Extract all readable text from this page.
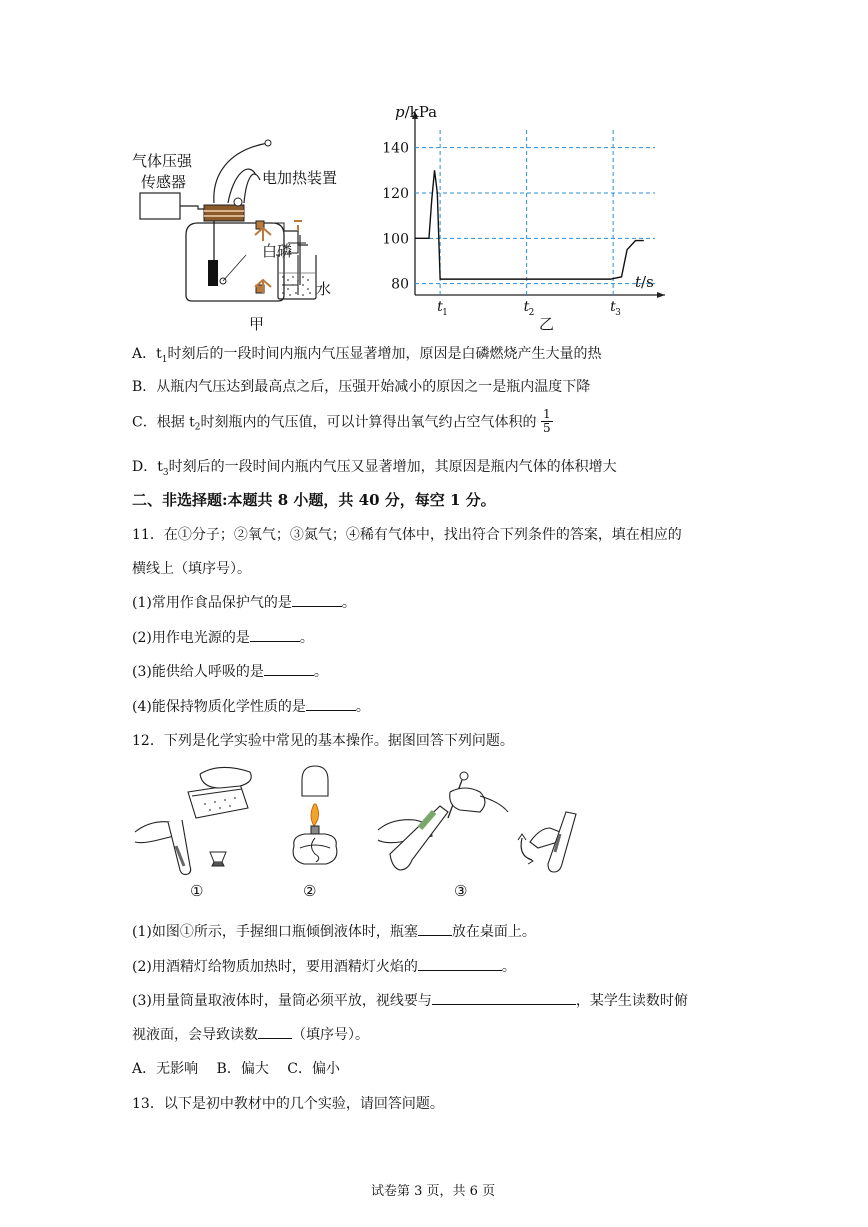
气体压强
传感器	电加热装置
白磷
水
甲
80
100
120
140
t 1	t 2	t 3
p/kPa
t/s
乙
A．$t_1$时刻后的一段时间内瓶内气压显著增加，原因是白磷燃烧产生大量的热
B．从瓶内气压达到最高点之后，压强开始减小的原因之一是瓶内温度下降
C．根据 $t_2$时刻瓶内的气压值，可以计算得出氧气约占空气体积的 $\frac{1}{5}$
D．$t_3$时刻后的一段时间内瓶内气压又显著增加，其原因是瓶内气体的体积增大
二、非选择题:本题共 8 小题，共 40 分，每空 1 分。
11．在①分子；②氧气；③氮气；④稀有气体中，找出符合下列条件的答案，填在相应的
横线上（填序号）。
(1)常用作食品保护气的是	。
(2)用作电光源的是	。
(3)能供给人呼吸的是	。
(4)能保持物质化学性质的是	。
12．下列是化学实验中常见的基本操作。据图回答下列问题。
①	②	③
(1)如图①所示，手握细口瓶倾倒液体时，瓶塞 放在桌面上。
(2)用酒精灯给物质加热时，要用酒精灯火焰的	。
(3)用量筒量取液体时，量筒必须平放，视线要与	，某学生读数时俯
视液面，会导致读数 （填序号）。
A．无影响　 B．偏大　 C．偏小
13．以下是初中教材中的几个实验，请回答问题。
试卷第 3 页，共 6 页
